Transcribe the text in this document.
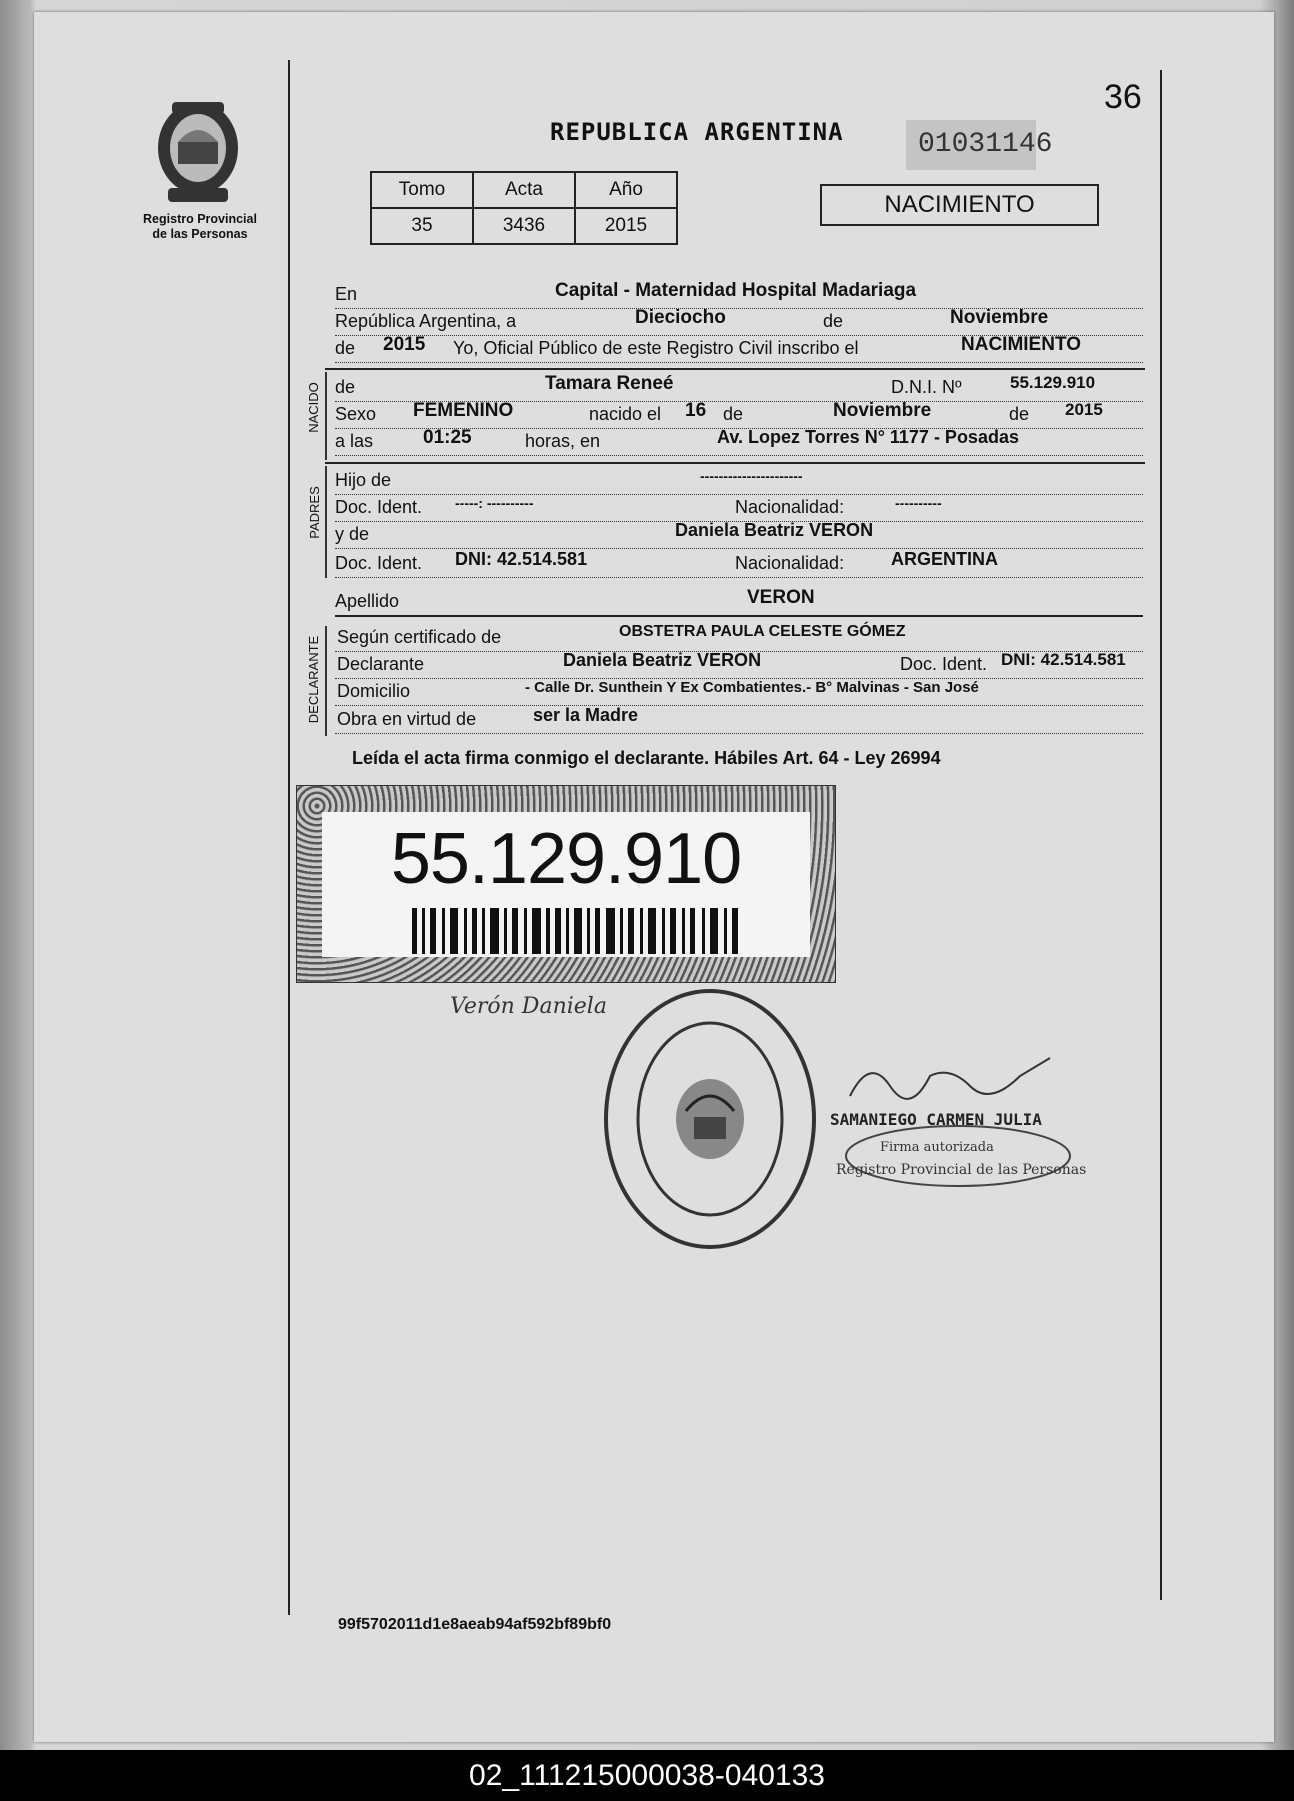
Registro Provincial
de las Personas
36
REPUBLICA ARGENTINA	01031146
Tomo	Acta	Año
35	3436	2015
NACIMIENTO
En	Capital - Maternidad Hospital Madariaga
República Argentina, a	Dieciocho	de	Noviembre
de 2015 Yo, Oficial Público de este Registro Civil inscribo el	NACIMIENTO
NACIDO de	Tamara Reneé	D.N.I. Nº	55.129.910
Sexo FEMENINO	nacido el 16 de	Noviembre	de 2015
a las	01:25	horas, en	Av. Lopez Torres N° 1177 - Posadas
PADRES
Hijo de	----------------------
Doc. Ident. -----: ----------	Nacionalidad:	----------
y de	Daniela Beatriz VERON
Doc. Ident. DNI: 42.514.581	Nacionalidad:	ARGENTINA
Apellido	VERON
DECLARANTE Según certificado de	OBSTETRA PAULA CELESTE GÓMEZ
Declarante	Daniela Beatriz VERON	Doc. Ident. DNI: 42.514.581
Domicilio	- Calle Dr. Sunthein Y Ex Combatientes.- B° Malvinas - San José
Obra en virtud de	ser la Madre
Leída el acta firma conmigo el declarante. Hábiles Art. 64 - Ley 26994
55.129.910
Verón Daniela
SAMANIEGO CARMEN JULIA
Firma autorizada
Registro Provincial de las Personas
99f5702011d1e8aeab94af592bf89bf0
02_111215000038-040133
